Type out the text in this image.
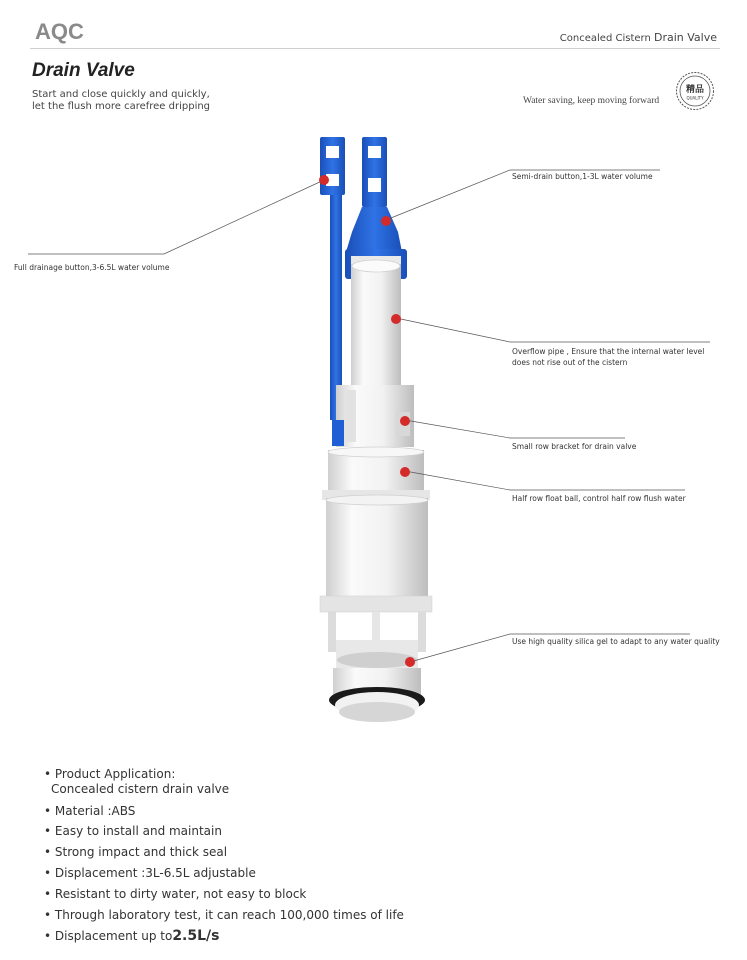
AQC	Concealed Cistern Drain Valve
Drain Valve
Start and close quickly and quickly,
let the flush more carefree dripping	Water saving, keep moving forward
精品
QUALITY
Semi-drain button,1-3L water volume
Full drainage button,3-6.5L water volume
Overflow pipe , Ensure that the internal water level
does not rise out of the cistern
Small row bracket for drain valve
Half row float ball, control half row flush water
Use high quality silica gel to adapt to any water quality
• Product Application:
Concealed cistern drain valve
• Material :ABS
• Easy to install and maintain
• Strong impact and thick seal
• Displacement :3L-6.5L adjustable
• Resistant to dirty water, not easy to block
• Through laboratory test, it can reach 100,000 times of life
• Displacement up to2.5L/s
